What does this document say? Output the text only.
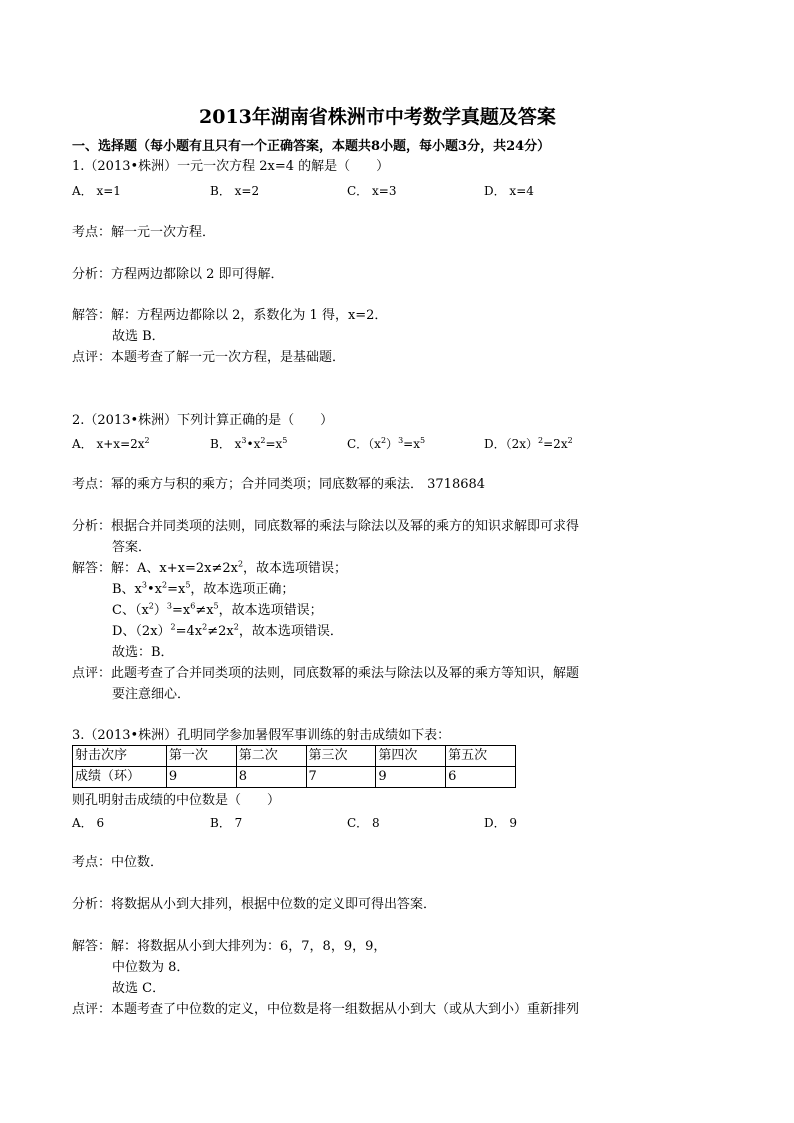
2013年湖南省株洲市中考数学真题及答案
一、选择题（每小题有且只有一个正确答案，本题共8小题，每小题3分，共24分）
1.（2013•株洲）一元一次方程 2x=4 的解是（　　）
A． x=1	B． x=2	C． x=3	D． x=4
考点：解一元一次方程．
分析：方程两边都除以 2 即可得解．
解答：解：方程两边都除以 2，系数化为 1 得，x=2．
故选 B．
点评：本题考查了解一元一次方程，是基础题．
2.（2013•株洲）下列计算正确的是（　　）
A． $x+x=2x^2$	B． $x^3•x^2=x^5$	C．$(x^2)^3=x^5$	D．$(2x)^2=2x^2$
考点：幂的乘方与积的乘方；合并同类项；同底数幂的乘法． 3718684
分析：根据合并同类项的法则，同底数幂的乘法与除法以及幂的乘方的知识求解即可求得
答案．
解答：解：A、$x+x=2x\ne 2x^2$，故本选项错误；
B、$x^3•x^2=x^5$，故本选项正确；
C、$(x^2)^3=x^6\ne x^5$，故本选项错误；
D、$(2x)^2=4x^2\ne 2x^2$，故本选项错误．
故选：B．
点评：此题考查了合并同类项的法则，同底数幂的乘法与除法以及幂的乘方等知识，解题
要注意细心．
3.（2013•株洲）孔明同学参加暑假军事训练的射击成绩如下表：
射击次序	第一次	第二次	第三次	第四次	第五次
成绩（环）	9	8	7	9	6
则孔明射击成绩的中位数是（　　）
A． 6	B． 7	C． 8	D． 9
考点：中位数．
分析：将数据从小到大排列，根据中位数的定义即可得出答案．
解答：解：将数据从小到大排列为：6，7，8，9，9，
中位数为 8．
故选 C．
点评：本题考查了中位数的定义，中位数是将一组数据从小到大（或从大到小）重新排列
